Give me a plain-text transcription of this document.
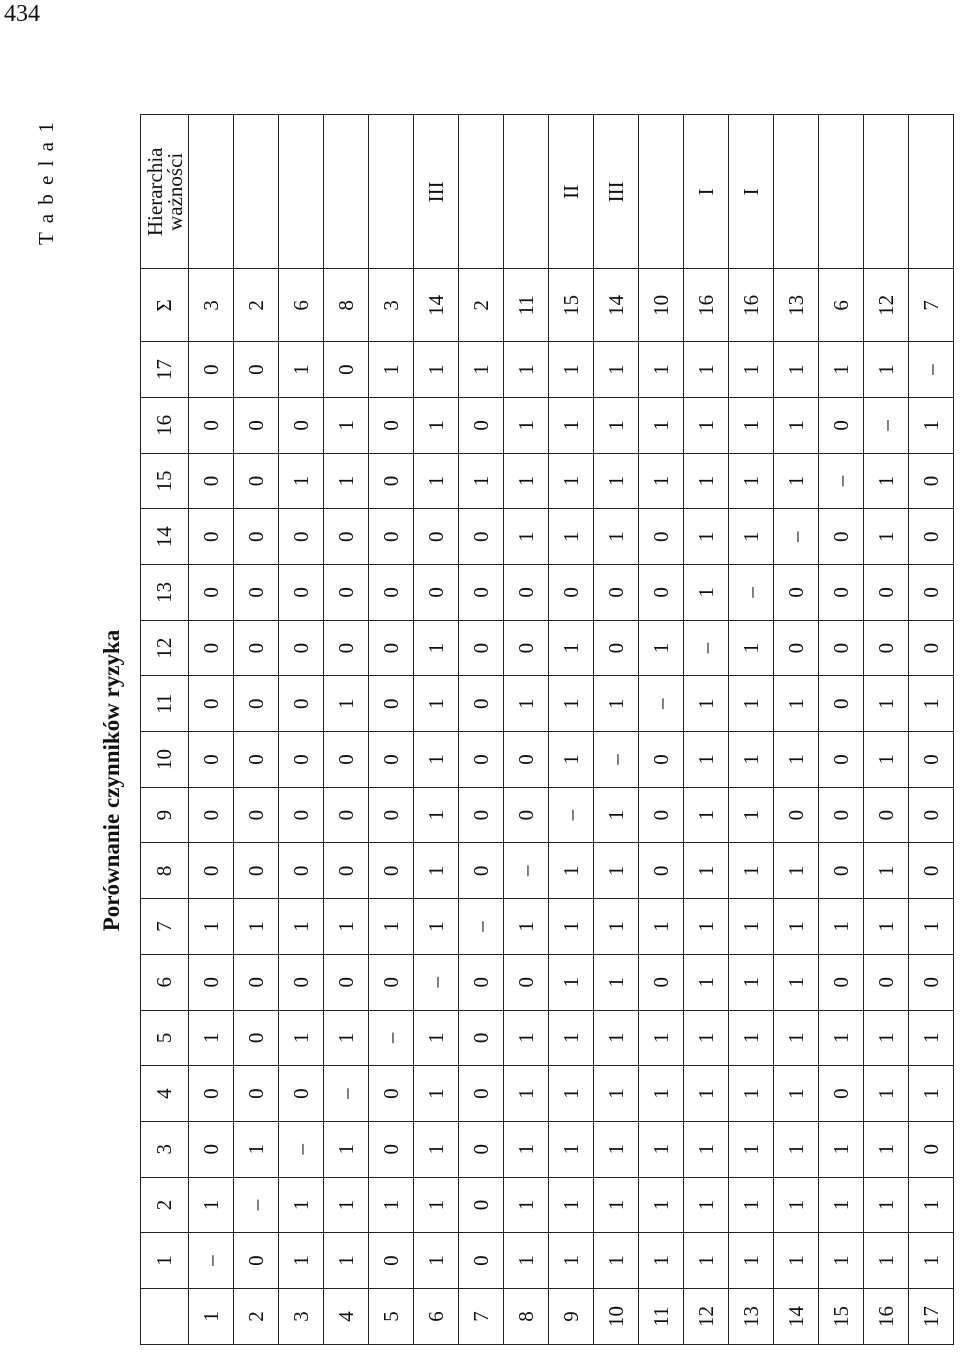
434
T a b e l a 1
Porównanie czynników ryzyka
	1	2	3	4	5	6	7	8	9	10	11	12	13	14	15	16	17	Σ	Hierarchia
ważności

1	–	1	0	0	1	0	1	0	0	0	0	0	0	0	0	0	0	3	
2	0	–	1	0	0	0	1	0	0	0	0	0	0	0	0	0	0	2	
3	1	1	–	0	1	0	1	0	0	0	0	0	0	0	1	0	1	6	
4	1	1	1	–	1	0	1	0	0	0	1	0	0	0	1	1	0	8	
5	0	1	0	0	–	0	1	0	0	0	0	0	0	0	0	0	1	3	
6	1	1	1	1	1	–	1	1	1	1	1	1	0	0	1	1	1	14	III
7	0	0	0	0	0	0	–	0	0	0	0	0	0	0	1	0	1	2	
8	1	1	1	1	1	0	1	–	0	0	1	0	0	1	1	1	1	11	
9	1	1	1	1	1	1	1	1	–	1	1	1	0	1	1	1	1	15	II
10	1	1	1	1	1	1	1	1	1	–	1	0	0	1	1	1	1	14	III
11	1	1	1	1	1	0	1	0	0	0	–	1	0	0	1	1	1	10	
12	1	1	1	1	1	1	1	1	1	1	1	–	1	1	1	1	1	16	I
13	1	1	1	1	1	1	1	1	1	1	1	1	–	1	1	1	1	16	I
14	1	1	1	1	1	1	1	1	0	1	1	0	0	–	1	1	1	13	
15	1	1	1	0	1	0	1	0	0	0	0	0	0	0	–	0	1	6	
16	1	1	1	1	1	0	1	1	0	1	1	0	0	1	1	–	1	12	
17	1	1	0	1	1	0	1	0	0	0	1	0	0	0	0	1	–	7	
